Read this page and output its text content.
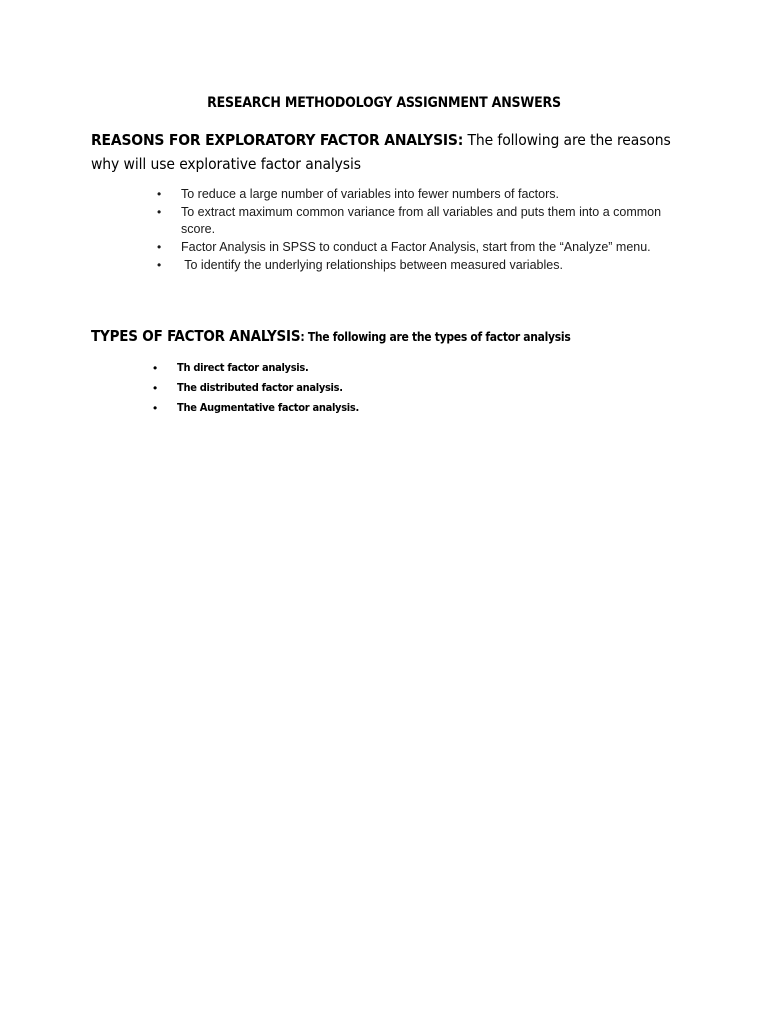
RESEARCH METHODOLOGY ASSIGNMENT ANSWERS
REASONS FOR EXPLORATORY FACTOR ANALYSIS: The following are the reasons why will use explorative factor analysis
• To reduce a large number of variables into fewer numbers of factors.
• To extract maximum common variance from all variables and puts them into a common score.
• Factor Analysis in SPSS to conduct a Factor Analysis, start from the “Analyze” menu.
• To identify the underlying relationships between measured variables.
TYPES OF FACTOR ANALYSIS: The following are the types of factor analysis
• Th direct factor analysis.
• The distributed factor analysis.
• The Augmentative factor analysis.
